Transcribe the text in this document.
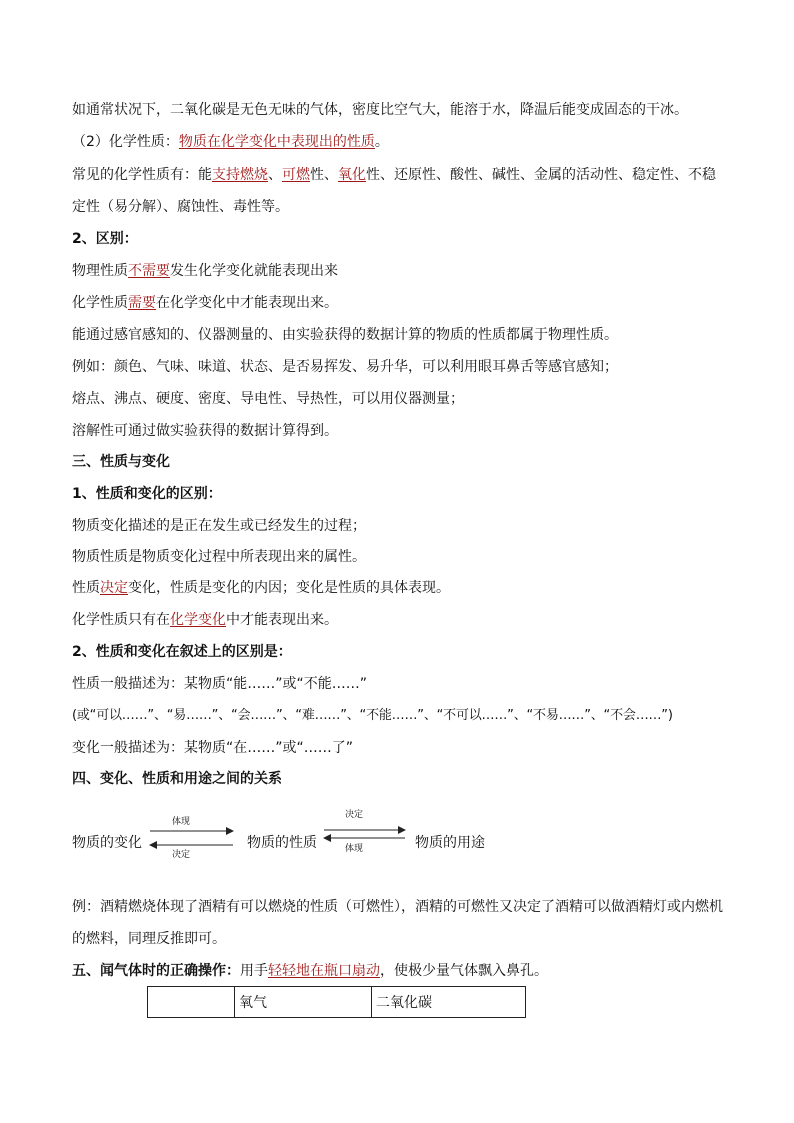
如通常状况下，二氧化碳是无色无味的气体，密度比空气大，能溶于水，降温后能变成固态的干冰。
（2）化学性质：物质在化学变化中表现出的性质。
常见的化学性质有：能支持燃烧、可燃性、氧化性、还原性、酸性、碱性、金属的活动性、稳定性、不稳
定性（易分解）、腐蚀性、毒性等。
2、区别：
物理性质不需要发生化学变化就能表现出来
化学性质需要在化学变化中才能表现出来。
能通过感官感知的、仪器测量的、由实验获得的数据计算的物质的性质都属于物理性质。
例如：颜色、气味、味道、状态、是否易挥发、易升华，可以利用眼耳鼻舌等感官感知；
熔点、沸点、硬度、密度、导电性、导热性，可以用仪器测量；
溶解性可通过做实验获得的数据计算得到。
三、性质与变化
1、性质和变化的区别：
物质变化描述的是正在发生或已经发生的过程；
物质性质是物质变化过程中所表现出来的属性。
性质决定变化，性质是变化的内因；变化是性质的具体表现。
化学性质只有在化学变化中才能表现出来。
2、性质和变化在叙述上的区别是：
性质一般描述为：某物质“能……”或“不能……”
(或“可以……”、“易……”、“会……”、“难……”、“不能……”、“不可以……”、“不易……”、“不会……”)
变化一般描述为：某物质“在……”或“……了”
四、变化、性质和用途之间的关系
物质的变化	物质的性质	物质的用途
体现
决定
决定
体现
例：酒精燃烧体现了酒精有可以燃烧的性质（可燃性），酒精的可燃性又决定了酒精可以做酒精灯或内燃机
的燃料，同理反推即可。
五、闻气体时的正确操作：用手轻轻地在瓶口扇动，使极少量气体飘入鼻孔。
	氧气	二氧化碳
